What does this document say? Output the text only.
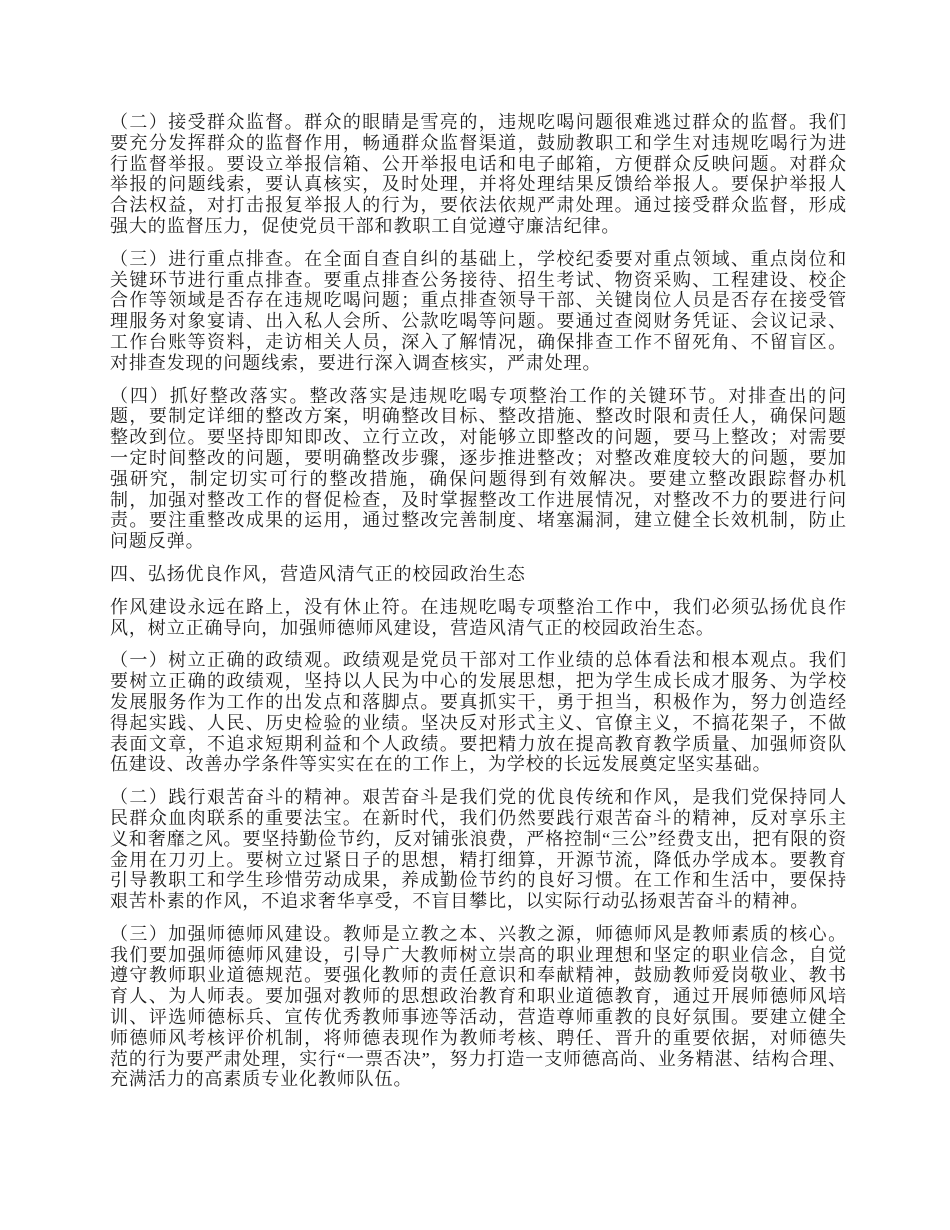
（二）接受群众监督。群众的眼睛是雪亮的，违规吃喝问题很难逃过群众的监督。我们要充分发挥群众的监督作用，畅通群众监督渠道，鼓励教职工和学生对违规吃喝行为进行监督举报。要设立举报信箱、公开举报电话和电子邮箱，方便群众反映问题。对群众举报的问题线索，要认真核实，及时处理，并将处理结果反馈给举报人。要保护举报人合法权益，对打击报复举报人的行为，要依法依规严肃处理。通过接受群众监督，形成强大的监督压力，促使党员干部和教职工自觉遵守廉洁纪律。

（三）进行重点排查。在全面自查自纠的基础上，学校纪委要对重点领域、重点岗位和关键环节进行重点排查。要重点排查公务接待、招生考试、物资采购、工程建设、校企合作等领域是否存在违规吃喝问题；重点排查领导干部、关键岗位人员是否存在接受管理服务对象宴请、出入私人会所、公款吃喝等问题。要通过查阅财务凭证、会议记录、工作台账等资料，走访相关人员，深入了解情况，确保排查工作不留死角、不留盲区。对排查发现的问题线索，要进行深入调查核实，严肃处理。

（四）抓好整改落实。整改落实是违规吃喝专项整治工作的关键环节。对排查出的问题，要制定详细的整改方案，明确整改目标、整改措施、整改时限和责任人，确保问题整改到位。要坚持即知即改、立行立改，对能够立即整改的问题，要马上整改；对需要一定时间整改的问题，要明确整改步骤，逐步推进整改；对整改难度较大的问题，要加强研究，制定切实可行的整改措施，确保问题得到有效解决。要建立整改跟踪督办机制，加强对整改工作的督促检查，及时掌握整改工作进展情况，对整改不力的要进行问责。要注重整改成果的运用，通过整改完善制度、堵塞漏洞，建立健全长效机制，防止问题反弹。

四、弘扬优良作风，营造风清气正的校园政治生态

作风建设永远在路上，没有休止符。在违规吃喝专项整治工作中，我们必须弘扬优良作风，树立正确导向，加强师德师风建设，营造风清气正的校园政治生态。

（一）树立正确的政绩观。政绩观是党员干部对工作业绩的总体看法和根本观点。我们要树立正确的政绩观，坚持以人民为中心的发展思想，把为学生成长成才服务、为学校发展服务作为工作的出发点和落脚点。要真抓实干，勇于担当，积极作为，努力创造经得起实践、人民、历史检验的业绩。坚决反对形式主义、官僚主义，不搞花架子，不做表面文章，不追求短期利益和个人政绩。要把精力放在提高教育教学质量、加强师资队伍建设、改善办学条件等实实在在的工作上，为学校的长远发展奠定坚实基础。

（二）践行艰苦奋斗的精神。艰苦奋斗是我们党的优良传统和作风，是我们党保持同人民群众血肉联系的重要法宝。在新时代，我们仍然要践行艰苦奋斗的精神，反对享乐主义和奢靡之风。要坚持勤俭节约，反对铺张浪费，严格控制“三公”经费支出，把有限的资金用在刀刃上。要树立过紧日子的思想，精打细算，开源节流，降低办学成本。要教育引导教职工和学生珍惜劳动成果，养成勤俭节约的良好习惯。在工作和生活中，要保持艰苦朴素的作风，不追求奢华享受，不盲目攀比，以实际行动弘扬艰苦奋斗的精神。

（三）加强师德师风建设。教师是立教之本、兴教之源，师德师风是教师素质的核心。我们要加强师德师风建设，引导广大教师树立崇高的职业理想和坚定的职业信念，自觉遵守教师职业道德规范。要强化教师的责任意识和奉献精神，鼓励教师爱岗敬业、教书育人、为人师表。要加强对教师的思想政治教育和职业道德教育，通过开展师德师风培训、评选师德标兵、宣传优秀教师事迹等活动，营造尊师重教的良好氛围。要建立健全师德师风考核评价机制，将师德表现作为教师考核、聘任、晋升的重要依据，对师德失范的行为要严肃处理，实行“一票否决”，努力打造一支师德高尚、业务精湛、结构合理、充满活力的高素质专业化教师队伍。
